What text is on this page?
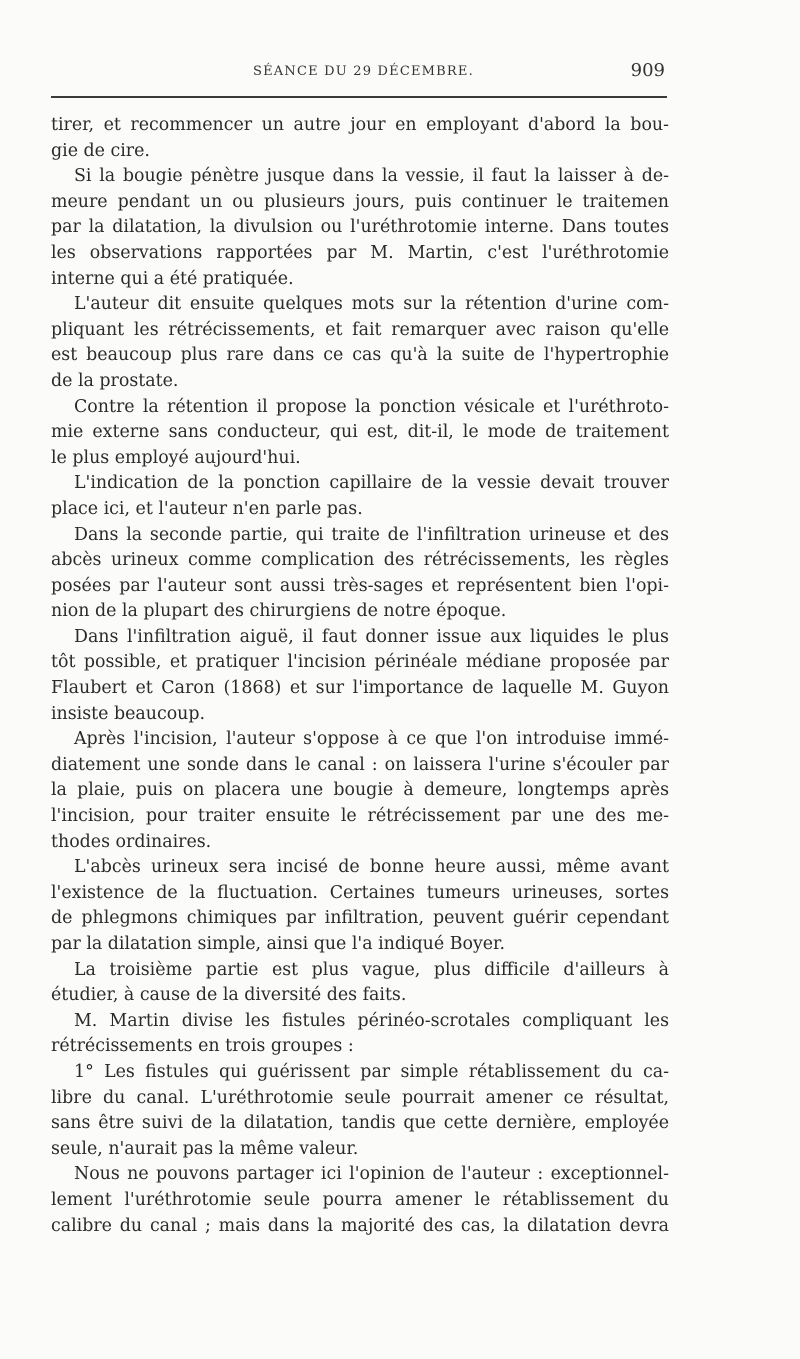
SÉANCE DU 29 DÉCEMBRE.	909
tirer, et recommencer un autre jour en employant d'abord la bou-
gie de cire.
Si la bougie pénètre jusque dans la vessie, il faut la laisser à de-
meure pendant un ou plusieurs jours, puis continuer le traitemen
par la dilatation, la divulsion ou l'uréthrotomie interne. Dans toutes
les observations rapportées par M. Martin, c'est l'uréthrotomie
interne qui a été pratiquée.
L'auteur dit ensuite quelques mots sur la rétention d'urine com-
pliquant les rétrécissements, et fait remarquer avec raison qu'elle
est beaucoup plus rare dans ce cas qu'à la suite de l'hypertrophie
de la prostate.
Contre la rétention il propose la ponction vésicale et l'uréthroto-
mie externe sans conducteur, qui est, dit-il, le mode de traitement
le plus employé aujourd'hui.
L'indication de la ponction capillaire de la vessie devait trouver
place ici, et l'auteur n'en parle pas.
Dans la seconde partie, qui traite de l'infiltration urineuse et des
abcès urineux comme complication des rétrécissements, les règles
posées par l'auteur sont aussi très-sages et représentent bien l'opi-
nion de la plupart des chirurgiens de notre époque.
Dans l'infiltration aiguë, il faut donner issue aux liquides le plus
tôt possible, et pratiquer l'incision périnéale médiane proposée par
Flaubert et Caron (1868) et sur l'importance de laquelle M. Guyon
insiste beaucoup.
Après l'incision, l'auteur s'oppose à ce que l'on introduise immé-
diatement une sonde dans le canal : on laissera l'urine s'écouler par
la plaie, puis on placera une bougie à demeure, longtemps après
l'incision, pour traiter ensuite le rétrécissement par une des me-
thodes ordinaires.
L'abcès urineux sera incisé de bonne heure aussi, même avant
l'existence de la fluctuation. Certaines tumeurs urineuses, sortes
de phlegmons chimiques par infiltration, peuvent guérir cependant
par la dilatation simple, ainsi que l'a indiqué Boyer.
La troisième partie est plus vague, plus difficile d'ailleurs à
étudier, à cause de la diversité des faits.
M. Martin divise les fistules périnéo-scrotales compliquant les
rétrécissements en trois groupes :
1° Les fistules qui guérissent par simple rétablissement du ca-
libre du canal. L'uréthrotomie seule pourrait amener ce résultat,
sans être suivi de la dilatation, tandis que cette dernière, employée
seule, n'aurait pas la même valeur.
Nous ne pouvons partager ici l'opinion de l'auteur : exceptionnel-
lement l'uréthrotomie seule pourra amener le rétablissement du
calibre du canal ; mais dans la majorité des cas, la dilatation devra
